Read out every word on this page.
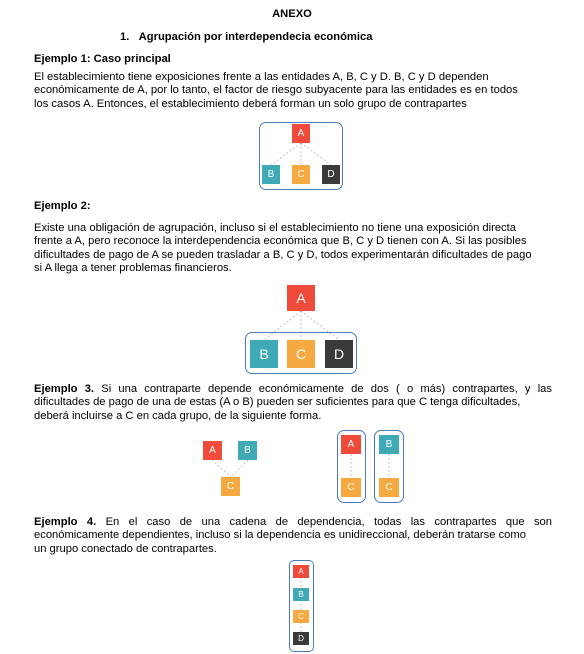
ANEXO
1. Agrupación por interdependecia económica
Ejemplo 1: Caso principal
El establecimiento tiene exposiciones frente a las entidades A, B, C y D. B, C y D dependen
económicamente de A, por lo tanto, el factor de riesgo subyacente para las entidades es en todos
los casos A. Entonces, el establecimiento deberá forman un solo grupo de contrapartes
A
B	C	D
Ejemplo 2:
Existe una obligación de agrupación, incluso si el establecimiento no tiene una exposición directa
frente a A, pero reconoce la interdependencia económica que B, C y D tienen con A. Si las posibles
dificultades de pago de A se pueden trasladar a B, C y D, todos experimentarán dificultades de pago
si A llega a tener problemas financieros.
A
B	C	D
Ejemplo 3. Si una contraparte depende económicamente de dos ( o más) contrapartes, y las
dificultades de pago de una de estas (A o B) pueden ser suficientes para que C tenga dificultades,
deberá incluirse a C en cada grupo, de la siguiente forma.
A	B
C
A
C
B
C
Ejemplo 4. En el caso de una cadena de dependencia, todas las contrapartes que son
económicamente dependientes, incluso si la dependencia es unidireccional, deberán tratarse como
un grupo conectado de contrapartes.
A
B
C
D
